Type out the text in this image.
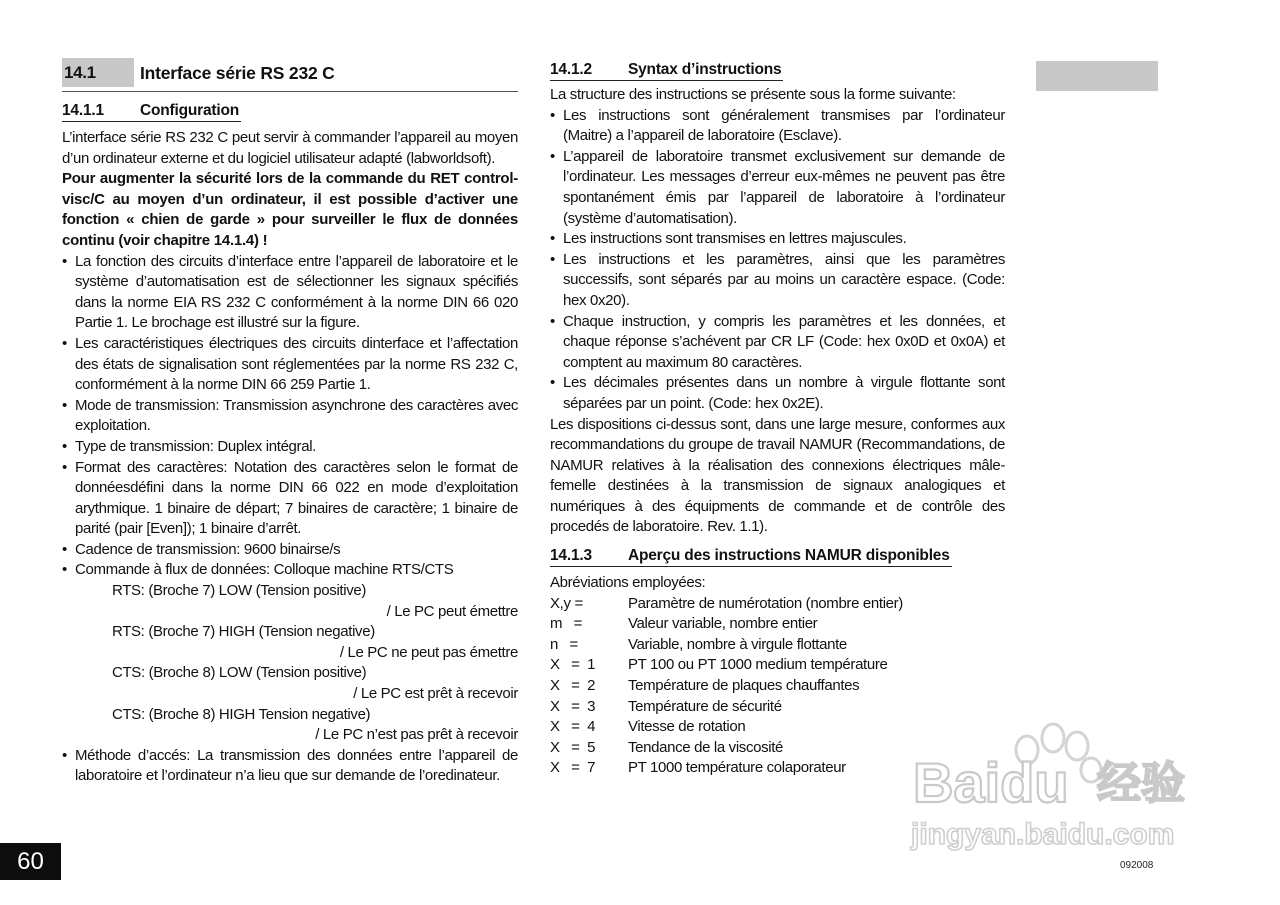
14.1	Interface série RS 232 C
14.1.1 Configuration

L’interface série RS 232 C peut servir à commander l’appareil au moyen d’un ordinateur externe et du logiciel utilisateur adapté (labworldsoft).

Pour augmenter la sécurité lors de la commande du RET control-visc/C au moyen d’un ordinateur, il est possible d’activer une fonction « chien de garde » pour surveiller le flux de données continu (voir chapitre 14.1.4) !

• La fonction des circuits d’interface entre l’appareil de laboratoire et le système d’automatisation est de sélectionner les signaux spécifiés dans la norme EIA RS 232 C conformément à la norme DIN 66 020 Partie 1. Le brochage est illustré sur la figure.
• Les caractéristiques électriques des circuits dinterface et l’affectation des états de signalisation sont réglementées par la norme RS 232 C, conformément à la norme DIN 66 259 Partie 1.
• Mode de transmission: Transmission asynchrone des caractères avec exploitation.
• Type de transmission: Duplex intégral.
• Format des caractères: Notation des caractères selon le format de donnéesdéfini dans la norme DIN 66 022 en mode d’exploitation arythmique. 1 binaire de départ; 7 binaires de caractère; 1 binaire de parité (pair [Even]); 1 binaire d’arrêt.
• Cadence de transmission: 9600 binairse/s
• Commande à flux de données: Colloque machine RTS/CTS
RTS: (Broche 7) LOW (Tension positive)
/ Le PC peut émettre
RTS: (Broche 7) HIGH (Tension negative)
/ Le PC ne peut pas émettre
CTS: (Broche 8) LOW (Tension positive)
/ Le PC est prêt à recevoir
CTS: (Broche 8) HIGH Tension negative)
/ Le PC n’est pas prêt à recevoir
• Méthode d’accés: La transmission des données entre l’appareil de laboratoire et l’ordinateur n’a lieu que sur demande de l’oredinateur.
14.1.2 Syntax d’instructions

La structure des instructions se présente sous la forme suivante:

• Les instructions sont généralement transmises par l’ordinateur (Maitre) a l’appareil de laboratoire (Esclave).
• L’appareil de laboratoire transmet exclusivement sur demande de l’ordinateur. Les messages d’erreur eux-mêmes ne peuvent pas être spontanément émis par l’appareil de laboratoire à l’ordinateur (système d’automatisation).
• Les instructions sont transmises en lettres majuscules.
• Les instructions et les paramètres, ainsi que les paramètres successifs, sont séparés par au moins un caractère espace. (Code: hex 0x20).
• Chaque instruction, y compris les paramètres et les données, et chaque réponse s’achévent par CR LF (Code: hex 0x0D et 0x0A) et comptent au maximum 80 caractères.
• Les décimales présentes dans un nombre à virgule flottante sont séparées par un point. (Code: hex 0x2E).

Les dispositions ci-dessus sont, dans une large mesure, conformes aux recommandations du groupe de travail NAMUR (Recommandations, de NAMUR relatives à la réalisation des connexions électriques mâle-femelle destinées à la transmission de signaux analogiques et numériques à des équipments de commande et de contrôle des procedés de laboratoire. Rev. 1.1).

14.1.3 Aperçu des instructions NAMUR disponibles
Abréviations employées:
X,y =	Paramètre de numérotation (nombre entier)
m   =	Valeur variable, nombre entier
n   =	Variable, nombre à virgule flottante
X   =  1	PT 100 ou PT 1000 medium température
X   =  2	Température de plaques chauffantes
X   =  3	Température de sécurité
X   =  4	Vitesse de rotation
X   =  5	Tendance de la viscosité
X   =  7	PT 1000 température colaporateur Baidu 经验
jingyan.baidu.com
60	092008
